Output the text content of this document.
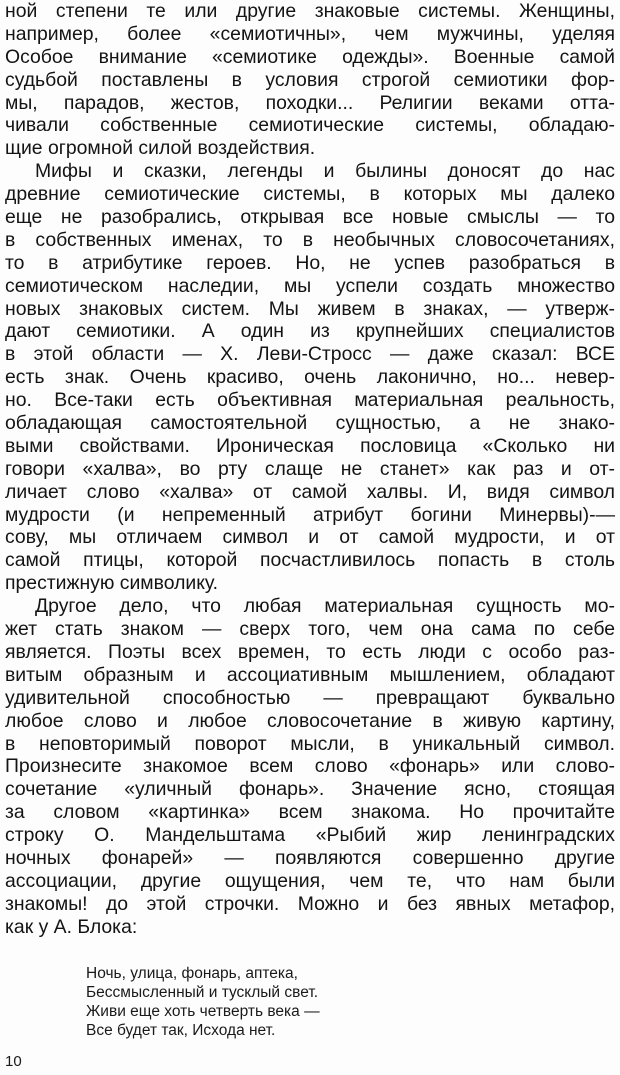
ной степени те или другие знаковые системы. Женщины,
например, более «семиотичны», чем мужчины, уделяя
Особое внимание «семиотике одежды». Военные самой
судьбой поставлены в условия строгой семиотики фор-
мы, парадов, жестов, походки... Религии веками отта-
чивали собственные семиотические системы, обладаю-
щие огромной силой воздействия.
Мифы и сказки, легенды и былины доносят до нас
древние семиотические системы, в которых мы далеко
еще не разобрались, открывая все новые смыслы — то
в собственных именах, то в необычных словосочетаниях,
то в атрибутике героев. Но, не успев разобраться в
семиотическом наследии, мы успели создать множество
новых знаковых систем. Мы живем в знаках, — утверж-
дают семиотики. А один из крупнейших специалистов
в этой области — Х. Леви-Стросс — даже сказал: ВСЕ
есть знак. Очень красиво, очень лаконично, но... невер-
но. Все-таки есть объективная материальная реальность,
обладающая самостоятельной сущностью, а не знако-
выми свойствами. Ироническая пословица «Сколько ни
говори «халва», во рту слаще не станет» как раз и от-
личает слово «халва» от самой халвы. И, видя символ
мудрости (и непременный атрибут богини Минервы)-—
сову, мы отличаем символ и от самой мудрости, и от
самой птицы, которой посчастливилось попасть в столь
престижную символику.
Другое дело, что любая материальная сущность мо-
жет стать знаком — сверх того, чем она сама по себе
является. Поэты всех времен, то есть люди с особо раз-
витым образным и ассоциативным мышлением, обладают
удивительной способностью — превращают буквально
любое слово и любое словосочетание в живую картину,
в неповторимый поворот мысли, в уникальный символ.
Произнесите знакомое всем слово «фонарь» или слово-
сочетание «уличный фонарь». Значение ясно, стоящая
за словом «картинка» всем знакома. Но прочитайте
строку О. Мандельштама «Рыбий жир ленинградских
ночных фонарей» — появляются совершенно другие
ассоциации, другие ощущения, чем те, что нам были
знакомы! до этой строчки. Можно и без явных метафор,
как у А. Блока:
Ночь, улица, фонарь, аптека,
Бессмысленный и тусклый свет.
Живи еще хоть четверть века —
Все будет так, Исхода нет.
10
